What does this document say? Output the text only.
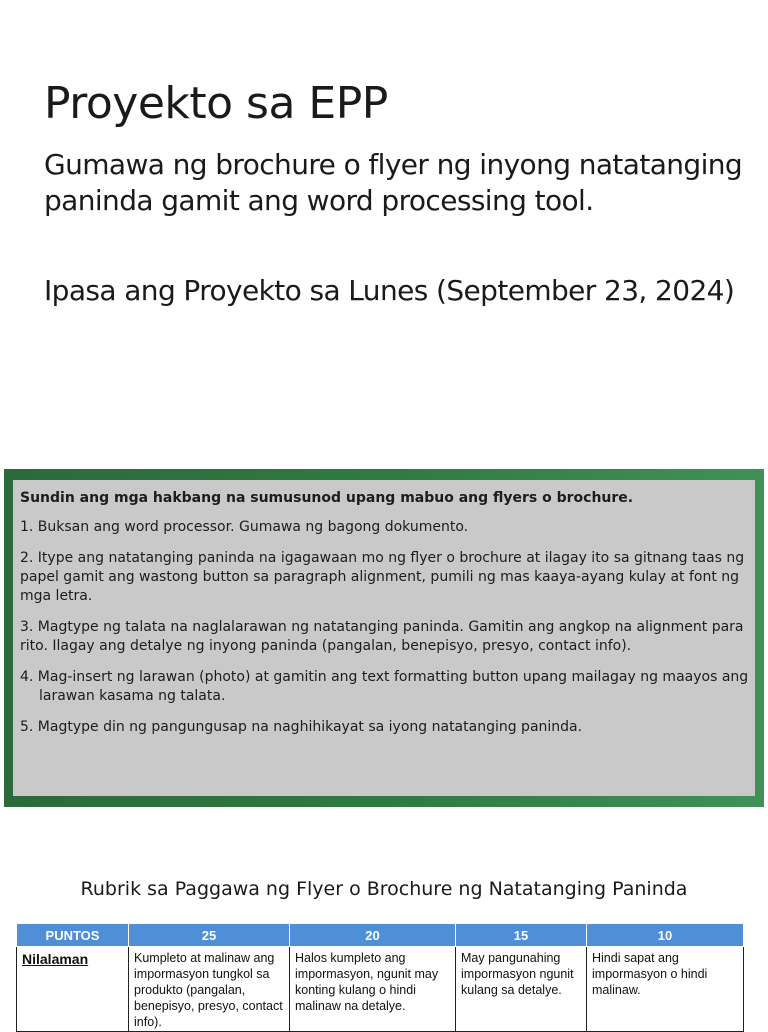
Proyekto sa EPP

Gumawa ng brochure o flyer ng inyong natatanging paninda gamit ang word processing tool.

Ipasa ang Proyekto sa Lunes (September 23, 2024)

Sundin ang mga hakbang na sumusunod upang mabuo ang flyers o brochure.

1. Buksan ang word processor. Gumawa ng bagong dokumento.

2. Itype ang natatanging paninda na igagawaan mo ng flyer o brochure at ilagay ito sa gitnang taas ng papel gamit ang wastong button sa paragraph alignment, pumili ng mas kaaya-ayang kulay at font ng mga letra.

3. Magtype ng talata na naglalarawan ng natatanging paninda. Gamitin ang angkop na alignment para rito. Ilagay ang detalye ng inyong paninda (pangalan, benepisyo, presyo, contact info).

4. Mag-insert ng larawan (photo) at gamitin ang text formatting button upang mailagay ng maayos ang larawan kasama ng talata.

5. Magtype din ng pangungusap na naghihikayat sa iyong natatanging paninda.

Rubrik sa Paggawa ng Flyer o Brochure ng Natatanging Paninda
PUNTOS	25	20	15	10
Nilalaman	Kumpleto at malinaw ang impormasyon tungkol sa produkto (pangalan, benepisyo, presyo, contact info).	Halos kumpleto ang impormasyon, ngunit may konting kulang o hindi malinaw na detalye.	May pangunahing impormasyon ngunit kulang sa detalye.	Hindi sapat ang impormasyon o hindi malinaw.
